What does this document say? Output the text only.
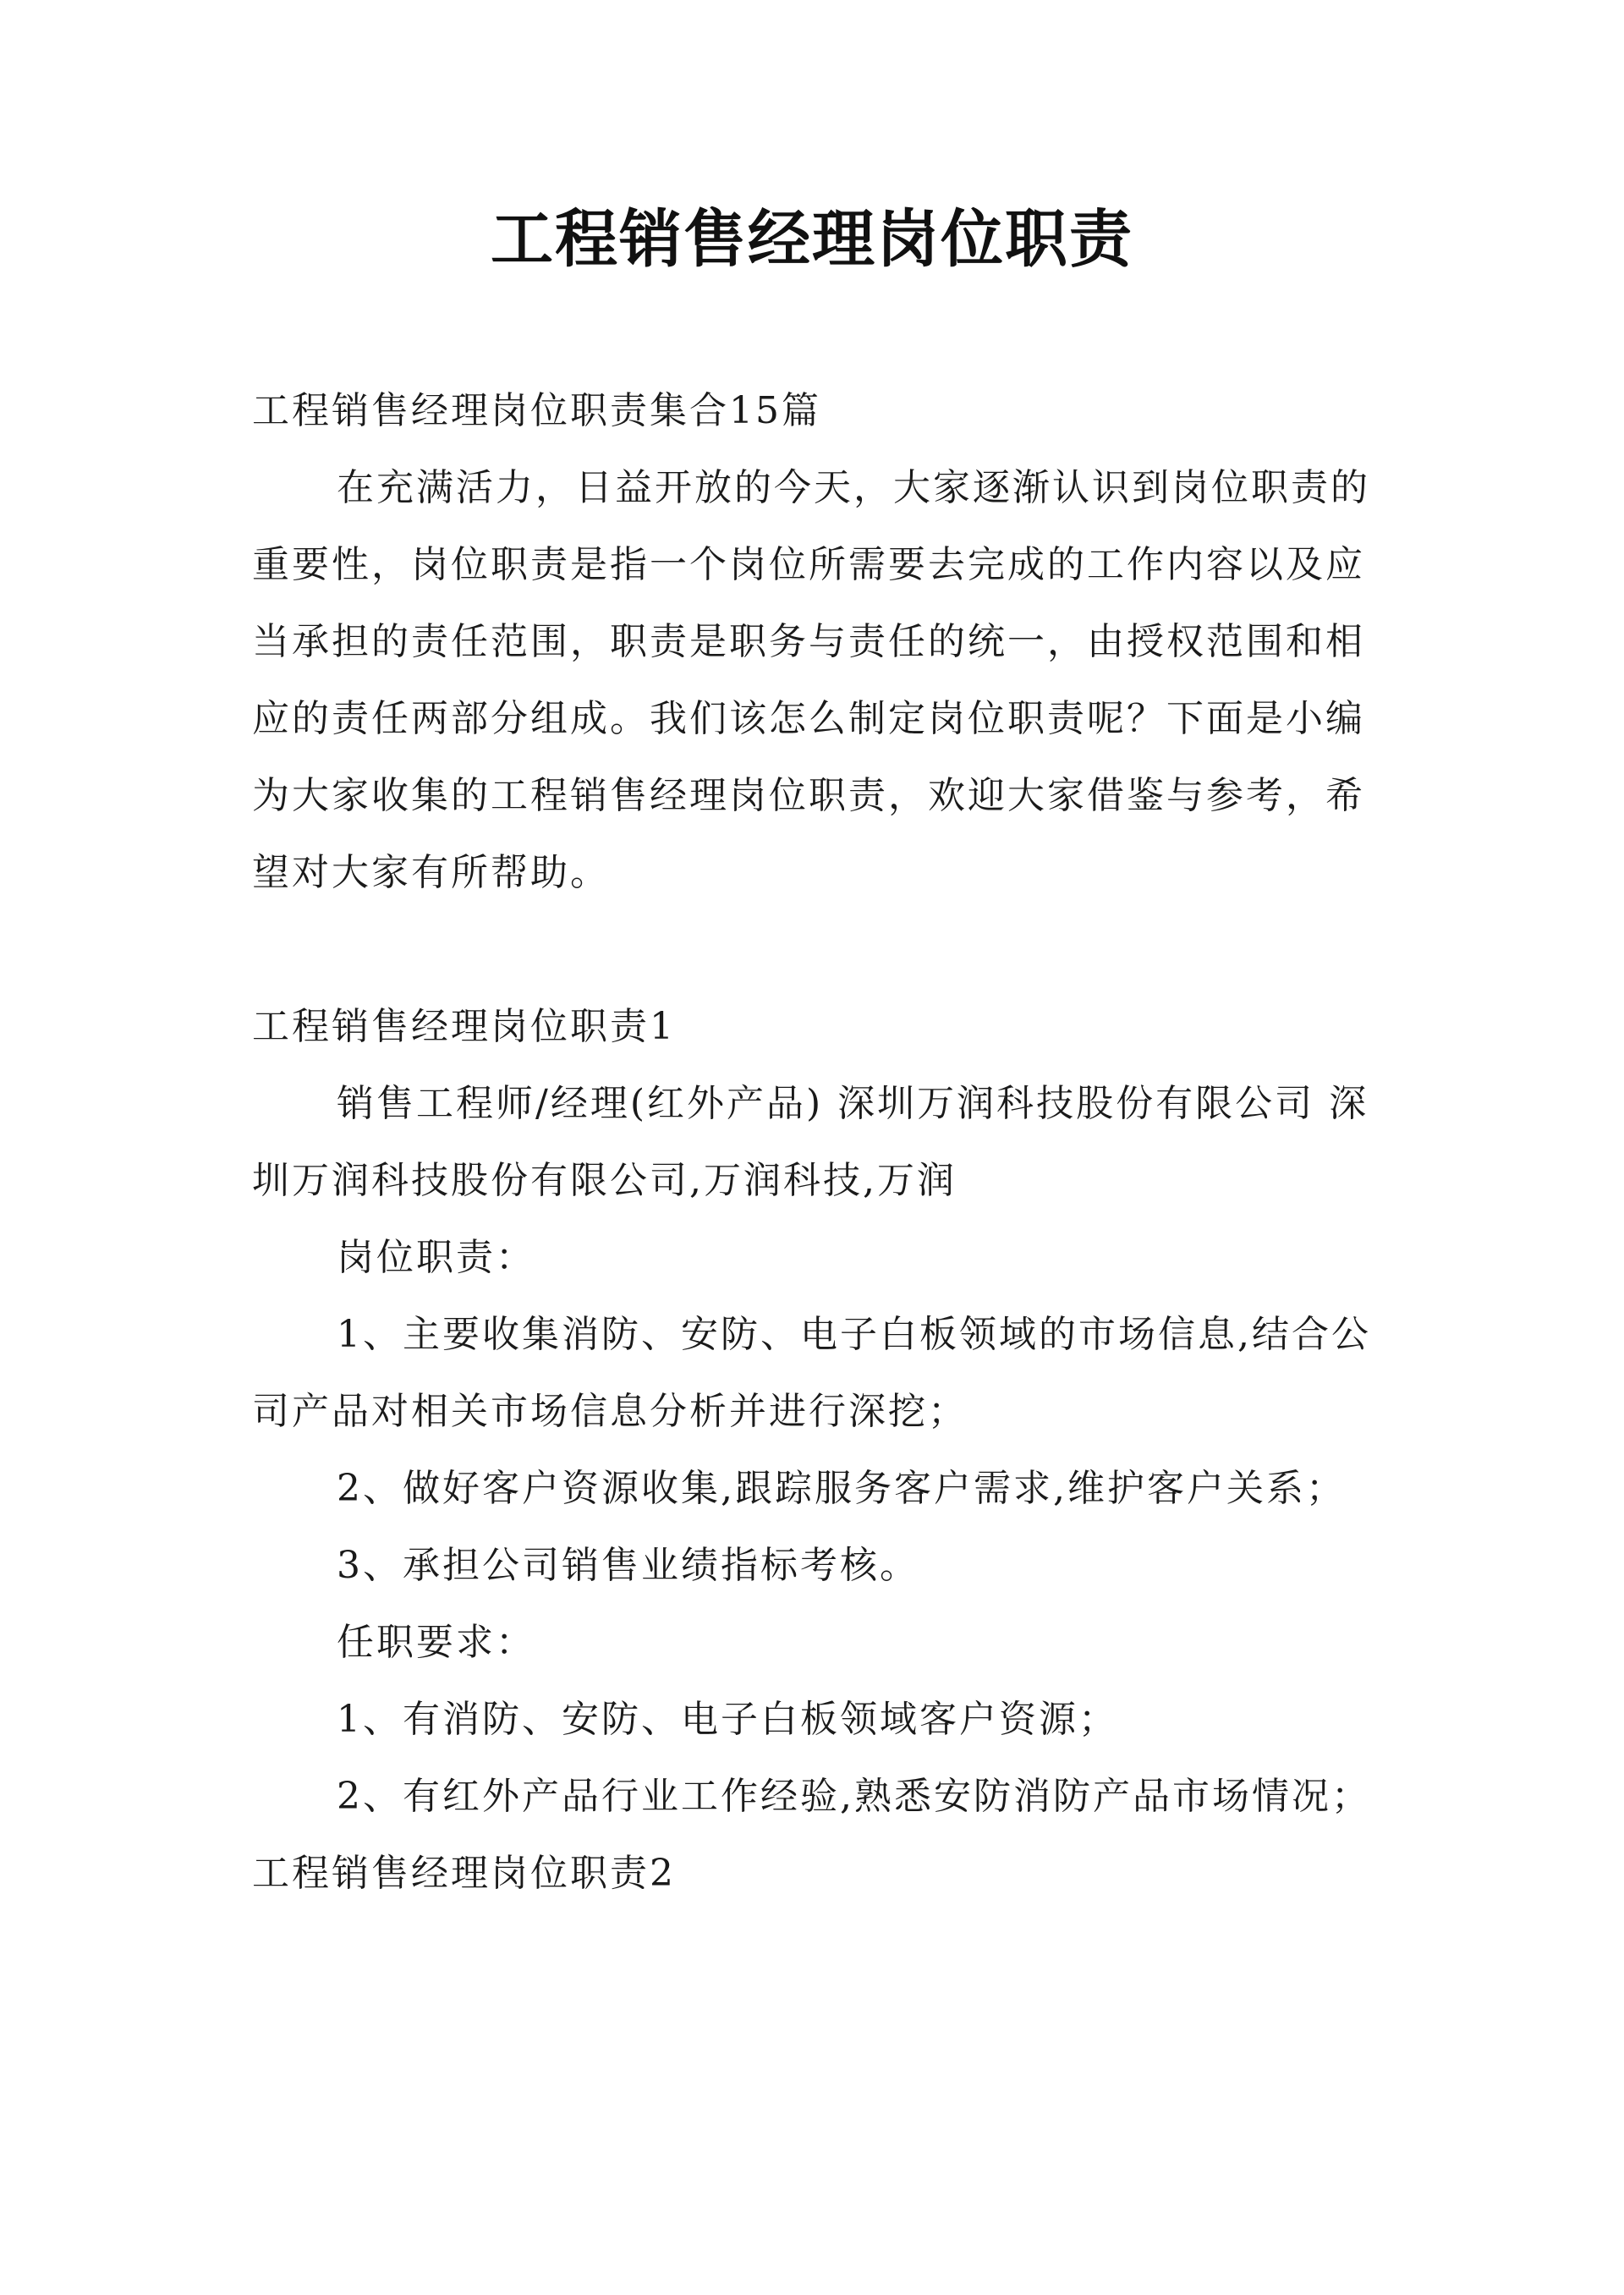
工程销售经理岗位职责

工程销售经理岗位职责集合15篇

在充满活力，日益开放的今天，大家逐渐认识到岗位职责的重要性，岗位职责是指一个岗位所需要去完成的工作内容以及应当承担的责任范围，职责是职务与责任的统一，由授权范围和相应的责任两部分组成。我们该怎么制定岗位职责呢？下面是小编为大家收集的工程销售经理岗位职责，欢迎大家借鉴与参考，希望对大家有所帮助。

工程销售经理岗位职责1

销售工程师/经理(红外产品) 深圳万润科技股份有限公司 深圳万润科技股份有限公司,万润科技,万润

岗位职责：

1、主要收集消防、安防、电子白板领域的市场信息,结合公司产品对相关市场信息分析并进行深挖；

2、做好客户资源收集,跟踪服务客户需求,维护客户关系；

3、承担公司销售业绩指标考核。

任职要求：

1、有消防、安防、电子白板领域客户资源；

2、有红外产品行业工作经验,熟悉安防消防产品市场情况；

工程销售经理岗位职责2
